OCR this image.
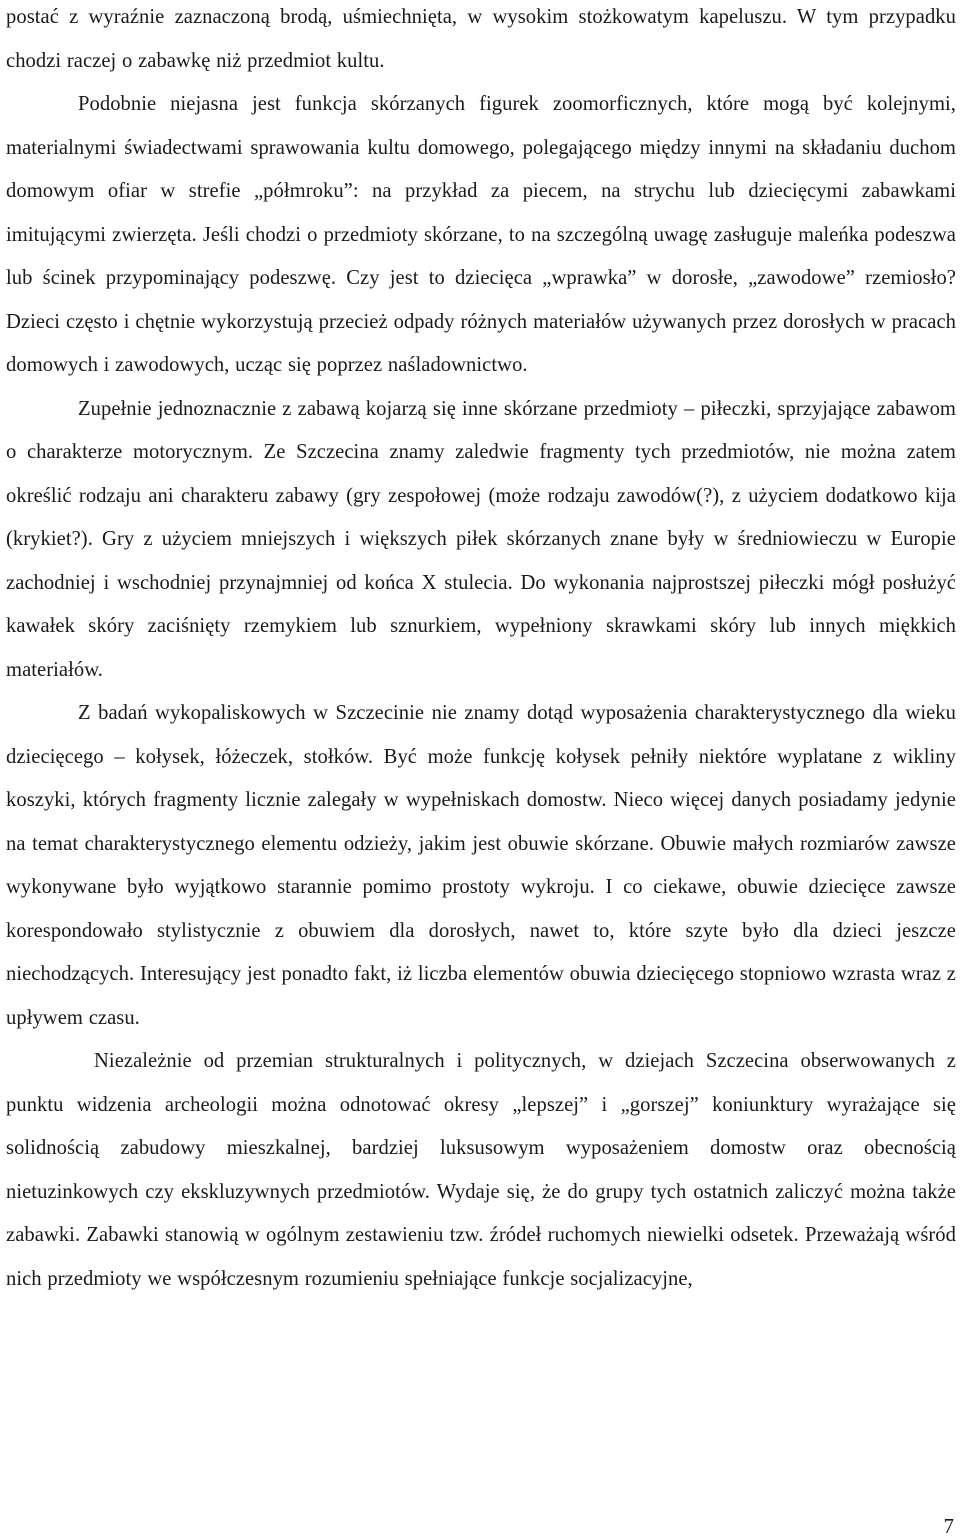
postać z wyraźnie zaznaczoną brodą, uśmiechnięta, w wysokim stożkowatym kapeluszu. W tym przypadku chodzi raczej o zabawkę niż przedmiot kultu.

Podobnie niejasna jest funkcja skórzanych figurek zoomorficznych, które mogą być kolejnymi, materialnymi świadectwami sprawowania kultu domowego, polegającego między innymi na składaniu duchom domowym ofiar w strefie „półmroku”: na przykład za piecem, na strychu lub dziecięcymi zabawkami imitującymi zwierzęta. Jeśli chodzi o przedmioty skórzane, to na szczególną uwagę zasługuje maleńka podeszwa lub ścinek przypominający podeszwę. Czy jest to dziecięca „wprawka” w dorosłe, „zawodowe” rzemiosło? Dzieci często i chętnie wykorzystują przecież odpady różnych materiałów używanych przez dorosłych w pracach domowych i zawodowych, ucząc się poprzez naśladownictwo.

Zupełnie jednoznacznie z zabawą kojarzą się inne skórzane przedmioty – piłeczki, sprzyjające zabawom o charakterze motorycznym. Ze Szczecina znamy zaledwie fragmenty tych przedmiotów, nie można zatem określić rodzaju ani charakteru zabawy (gry zespołowej (może rodzaju zawodów(?), z użyciem dodatkowo kija (krykiet?). Gry z użyciem mniejszych i większych piłek skórzanych znane były w średniowieczu w Europie zachodniej i wschodniej przynajmniej od końca X stulecia. Do wykonania najprostszej piłeczki mógł posłużyć kawałek skóry zaciśnięty rzemykiem lub sznurkiem, wypełniony skrawkami skóry lub innych miękkich materiałów.

Z badań wykopaliskowych w Szczecinie nie znamy dotąd wyposażenia charakterystycznego dla wieku dziecięcego – kołysek, łóżeczek, stołków. Być może funkcję kołysek pełniły niektóre wyplatane z wikliny koszyki, których fragmenty licznie zalegały w wypełniskach domostw. Nieco więcej danych posiadamy jedynie na temat charakterystycznego elementu odzieży, jakim jest obuwie skórzane. Obuwie małych rozmiarów zawsze wykonywane było wyjątkowo starannie pomimo prostoty wykroju. I co ciekawe, obuwie dziecięce zawsze korespondowało stylistycznie z obuwiem dla dorosłych, nawet to, które szyte było dla dzieci jeszcze niechodzących. Interesujący jest ponadto fakt, iż liczba elementów obuwia dziecięcego stopniowo wzrasta wraz z upływem czasu.

Niezależnie od przemian strukturalnych i politycznych, w dziejach Szczecina obserwowanych z punktu widzenia archeologii można odnotować okresy „lepszej” i „gorszej” koniunktury wyrażające się solidnością zabudowy mieszkalnej, bardziej luksusowym wyposażeniem domostw oraz obecnością nietuzinkowych czy ekskluzywnych przedmiotów. Wydaje się, że do grupy tych ostatnich zaliczyć można także zabawki. Zabawki stanowią w ogólnym zestawieniu tzw. źródeł ruchomych niewielki odsetek. Przeważają wśród nich przedmioty we współczesnym rozumieniu spełniające funkcje socjalizacyjne,

7
